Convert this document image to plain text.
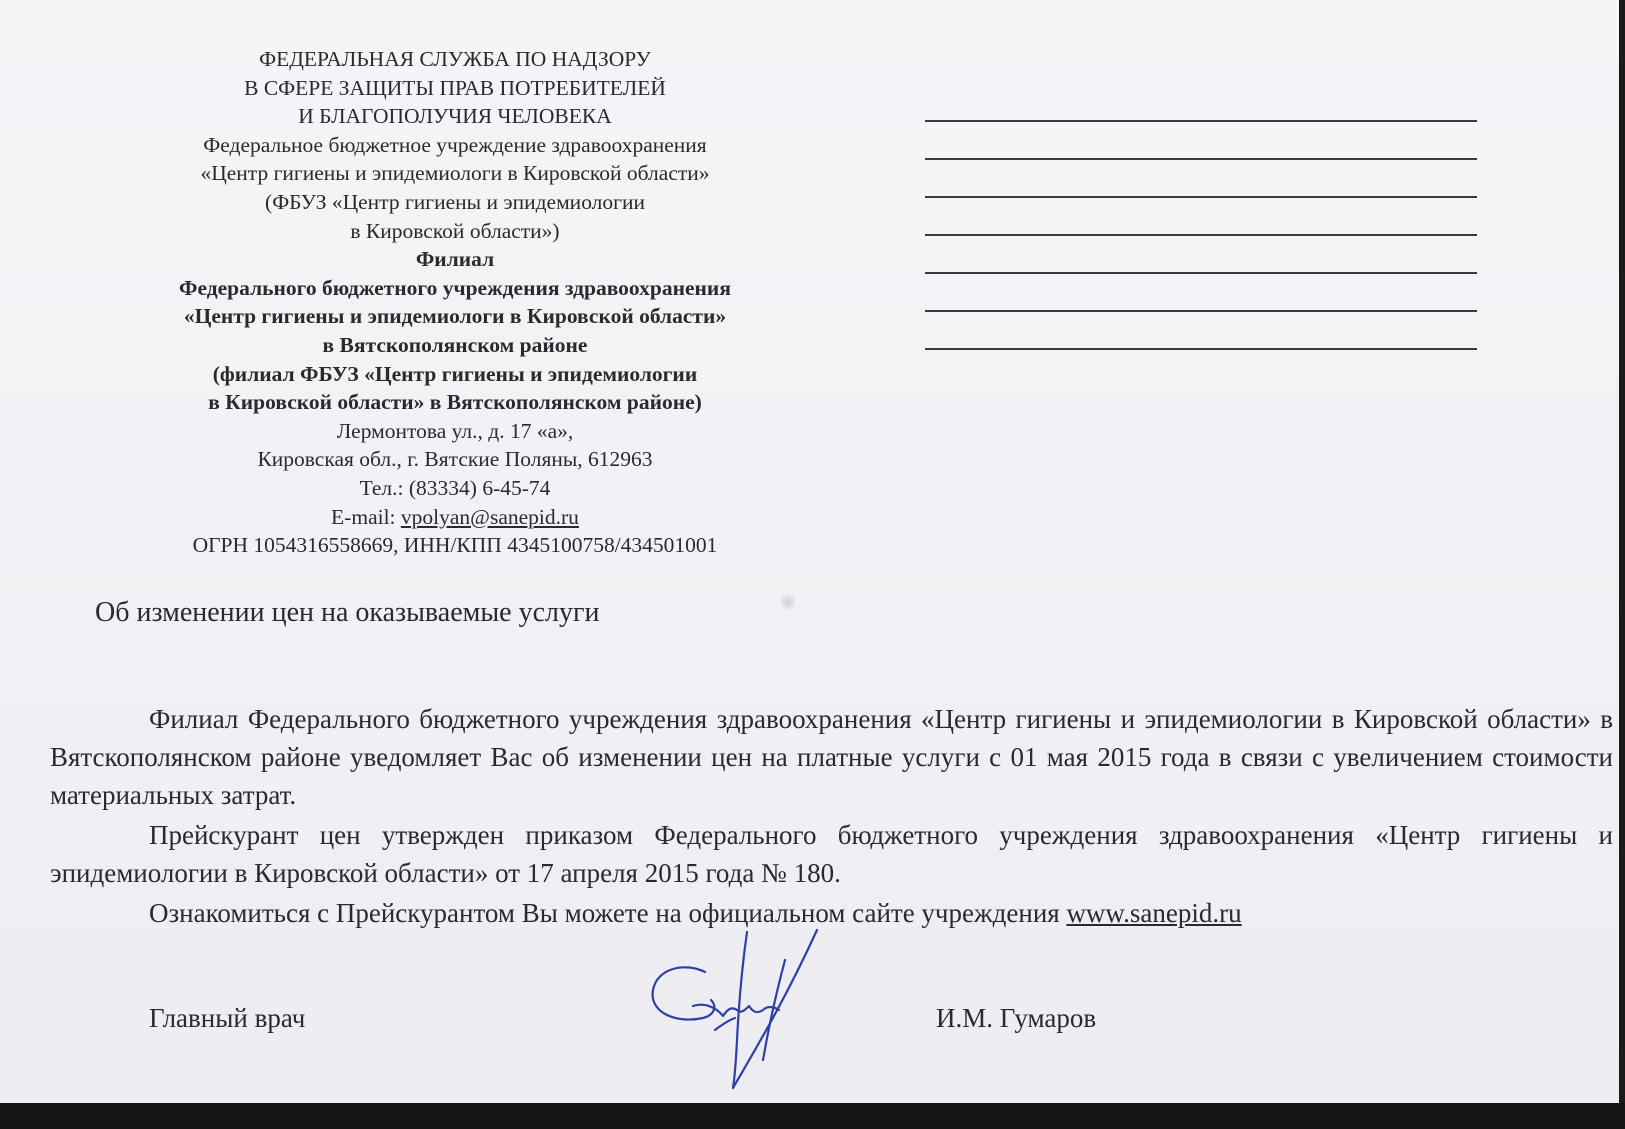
ФЕДЕРАЛЬНАЯ СЛУЖБА ПО НАДЗОРУ
В СФЕРЕ ЗАЩИТЫ ПРАВ ПОТРЕБИТЕЛЕЙ
И БЛАГОПОЛУЧИЯ ЧЕЛОВЕКА
Федеральное бюджетное учреждение здравоохранения
«Центр гигиены и эпидемиологи в Кировской области»
(ФБУЗ «Центр гигиены и эпидемиологии
в Кировской области»)
Филиал
Федерального бюджетного учреждения здравоохранения
«Центр гигиены и эпидемиологи в Кировской области»
в Вятскополянском районе
(филиал ФБУЗ «Центр гигиены и эпидемиологии
в Кировской области» в Вятскополянском районе)
Лермонтова ул., д. 17 «а»,
Кировская обл., г. Вятские Поляны, 612963
Тел.: (83334) 6-45-74
E-mail: vpolyan@sanepid.ru
ОГРН 1054316558669, ИНН/КПП 4345100758/434501001
Об изменении цен на оказываемые услуги

Филиал Федерального бюджетного учреждения здравоохранения «Центр гигиены и эпидемиологии в Кировской области» в Вятскополянском районе уведомляет Вас об изменении цен на платные услуги с 01 мая 2015 года в связи с увеличением стоимости материальных затрат.

Прейскурант цен утвержден приказом Федерального бюджетного учреждения здравоохранения «Центр гигиены и эпидемиологии в Кировской области» от 17 апреля 2015 года № 180.

Ознакомиться с Прейскурантом Вы можете на официальном сайте учреждения www.sanepid.ru

Главный врач	И.М. Гумаров
